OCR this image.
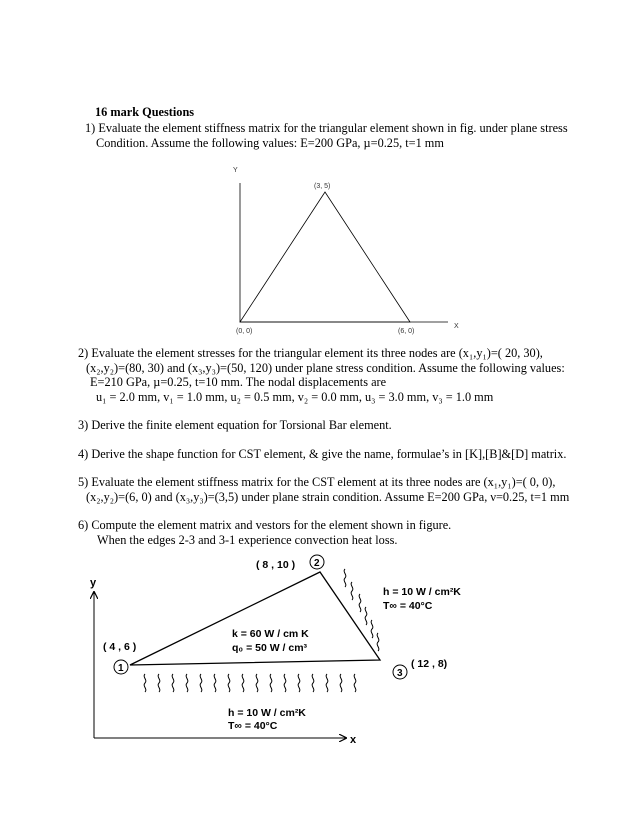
16 mark Questions
1) Evaluate the element stiffness matrix for the triangular element shown in fig. under plane stress
Condition. Assume the following values: E=200 GPa, µ=0.25, t=1 mm
Y
X
(3, 5)
(0, 0)	(6, 0)
2) Evaluate the element stresses for the triangular element its three nodes are (x₁,y₁)=( 20, 30),
(x₂,y₂)=(80, 30) and (x₃,y₃)=(50, 120) under plane stress condition. Assume the following values:
E=210 GPa, µ=0.25, t=10 mm. The nodal displacements are
u₁ = 2.0 mm, v₁ = 1.0 mm, u₂ = 0.5 mm, v₂ = 0.0 mm, u₃ = 3.0 mm, v₃ = 1.0 mm
3) Derive the finite element equation for Torsional Bar element.
4) Derive the shape function for CST element, & give the name, formulae’s in [K],[B]&[D] matrix.
5) Evaluate the element stiffness matrix for the CST element at its three nodes are (x₁,y₁)=( 0, 0),
(x₂,y₂)=(6, 0) and (x₃,y₃)=(3,5) under plane strain condition. Assume E=200 GPa, ν=0.25, t=1 mm
6) Compute the element matrix and vestors for the element shown in figure.
When the edges 2-3 and 3-1 experience convection heat loss.
y
x
1
2
3
( 4 , 6 )
( 8 , 10 )
( 12 , 8)
k = 60 W / cm K
q₀ = 50 W / cm³
h = 10 W / cm²K
T∞ = 40°C
h = 10 W / cm²K
T∞ = 40°C
